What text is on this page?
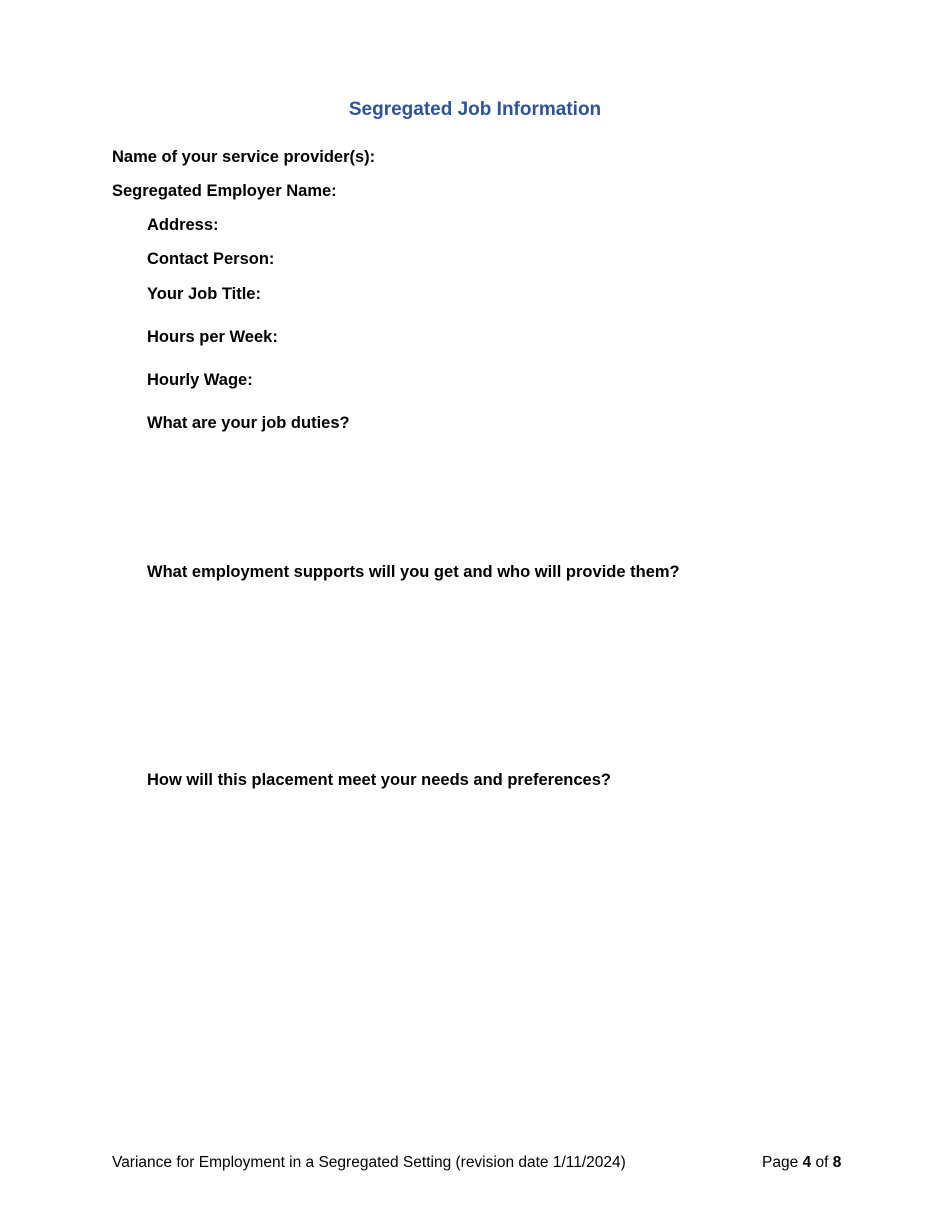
Segregated Job Information
Name of your service provider(s):
Segregated Employer Name:
Address:
Contact Person:
Your Job Title:
Hours per Week:
Hourly Wage:
What are your job duties?
What employment supports will you get and who will provide them?
How will this placement meet your needs and preferences?
Variance for Employment in a Segregated Setting (revision date 1/11/2024)	Page 4 of 8
